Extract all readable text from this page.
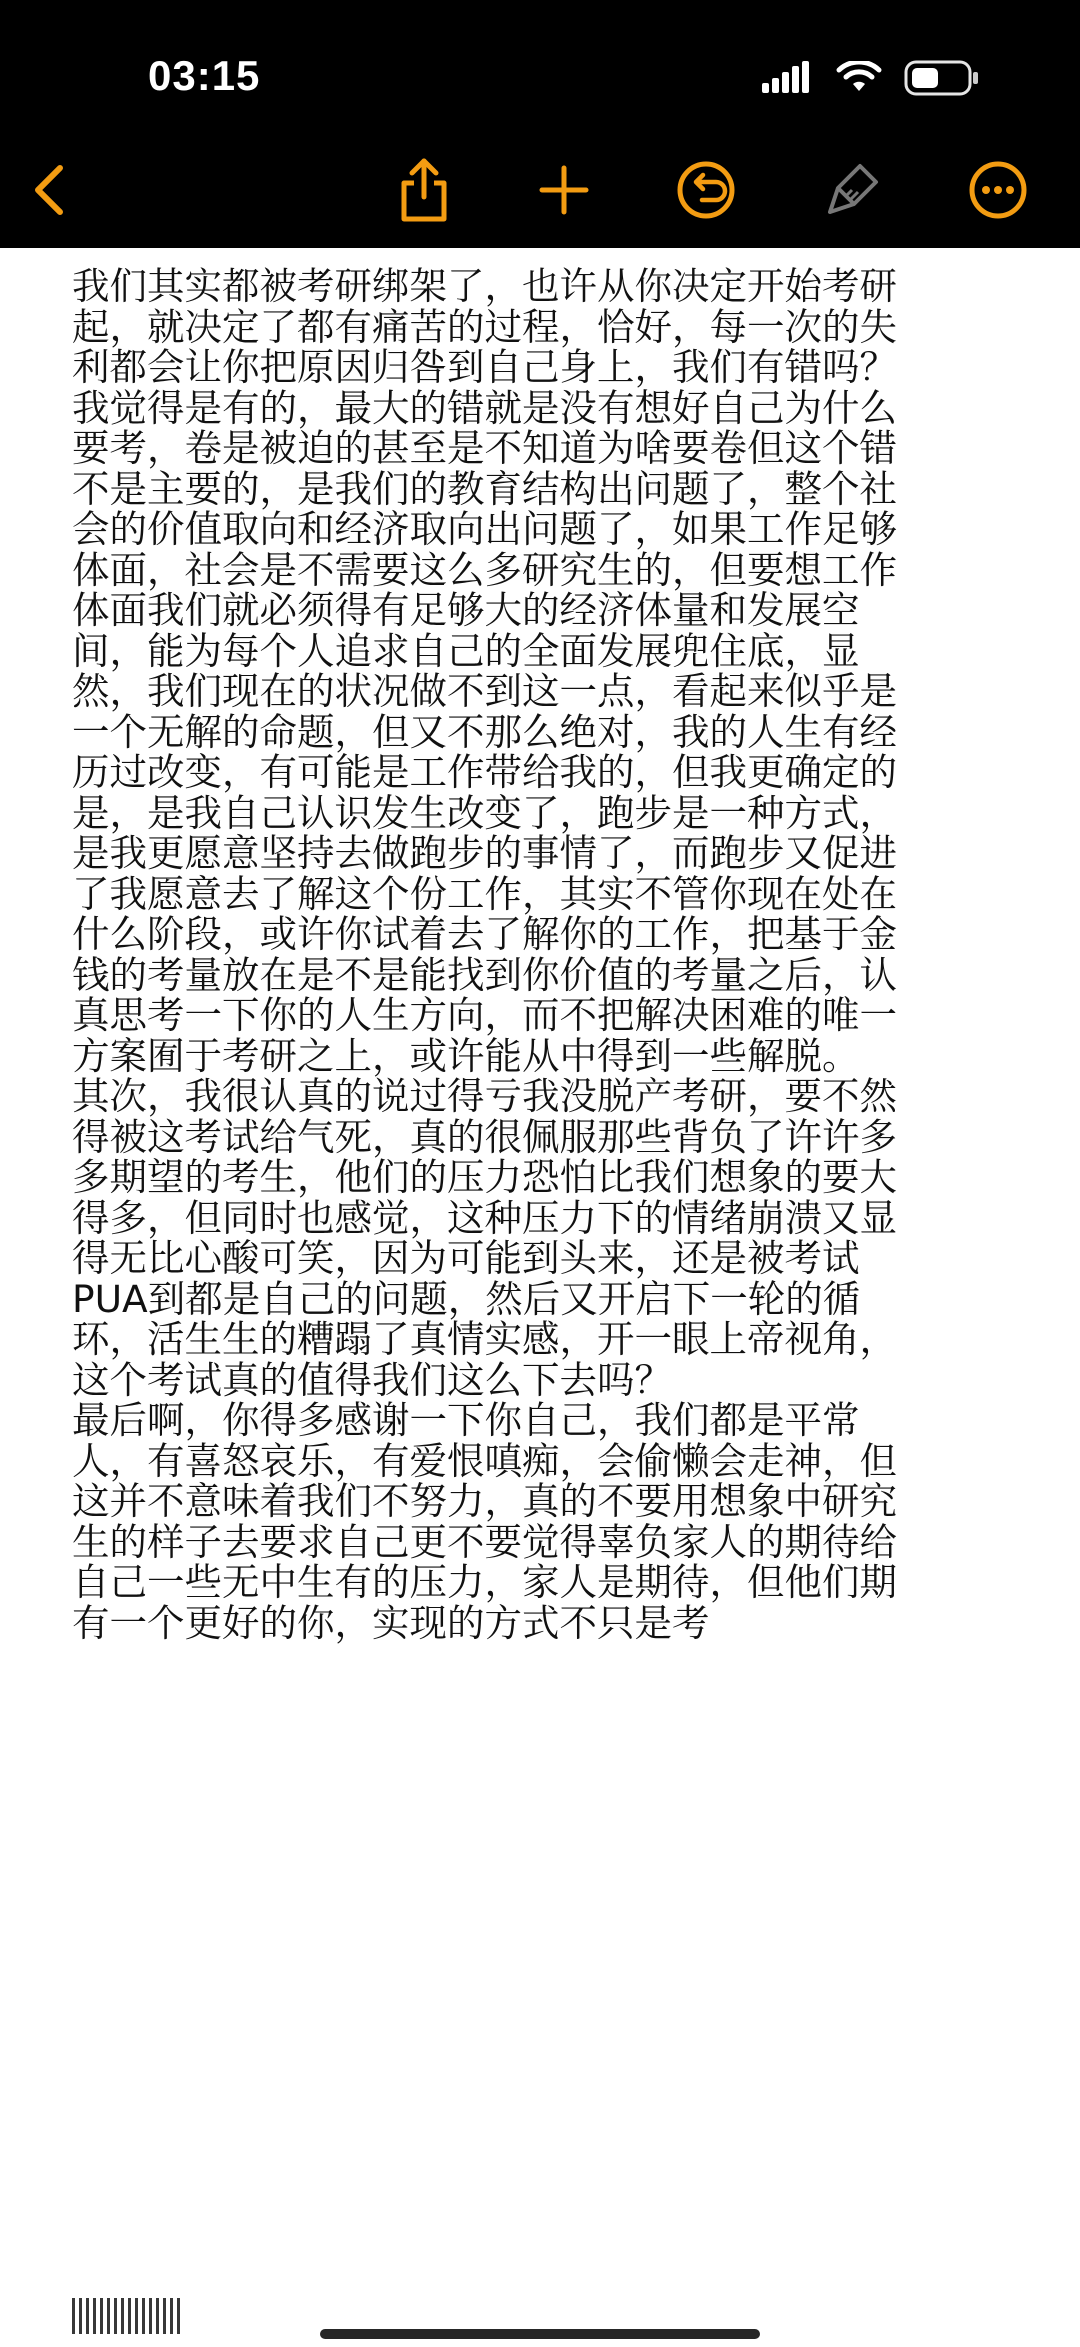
03:15
我们其实都被考研绑架了，也许从你决定开始考研
起，就决定了都有痛苦的过程，恰好，每一次的失
利都会让你把原因归咎到自己身上，我们有错吗？
我觉得是有的，最大的错就是没有想好自己为什么
要考，卷是被迫的甚至是不知道为啥要卷但这个错
不是主要的，是我们的教育结构出问题了，整个社
会的价值取向和经济取向出问题了，如果工作足够
体面，社会是不需要这么多研究生的，但要想工作
体面我们就必须得有足够大的经济体量和发展空
间，能为每个人追求自己的全面发展兜住底，显
然，我们现在的状况做不到这一点，看起来似乎是
一个无解的命题，但又不那么绝对，我的人生有经
历过改变，有可能是工作带给我的，但我更确定的
是，是我自己认识发生改变了，跑步是一种方式，
是我更愿意坚持去做跑步的事情了，而跑步又促进
了我愿意去了解这个份工作，其实不管你现在处在
什么阶段，或许你试着去了解你的工作，把基于金
钱的考量放在是不是能找到你价值的考量之后，认
真思考一下你的人生方向，而不把解决困难的唯一
方案囿于考研之上，或许能从中得到一些解脱。
其次，我很认真的说过得亏我没脱产考研，要不然
得被这考试给气死，真的很佩服那些背负了许许多
多期望的考生，他们的压力恐怕比我们想象的要大
得多，但同时也感觉，这种压力下的情绪崩溃又显
得无比心酸可笑，因为可能到头来，还是被考试
PUA到都是自己的问题，然后又开启下一轮的循
环，活生生的糟蹋了真情实感，开一眼上帝视角，
这个考试真的值得我们这么下去吗？
最后啊，你得多感谢一下你自己，我们都是平常
人，有喜怒哀乐，有爱恨嗔痴，会偷懒会走神，但
这并不意味着我们不努力，真的不要用想象中研究
生的样子去要求自己更不要觉得辜负家人的期待给
自己一些无中生有的压力，家人是期待，但他们期
有一个更好的你，实现的方式不只是考
